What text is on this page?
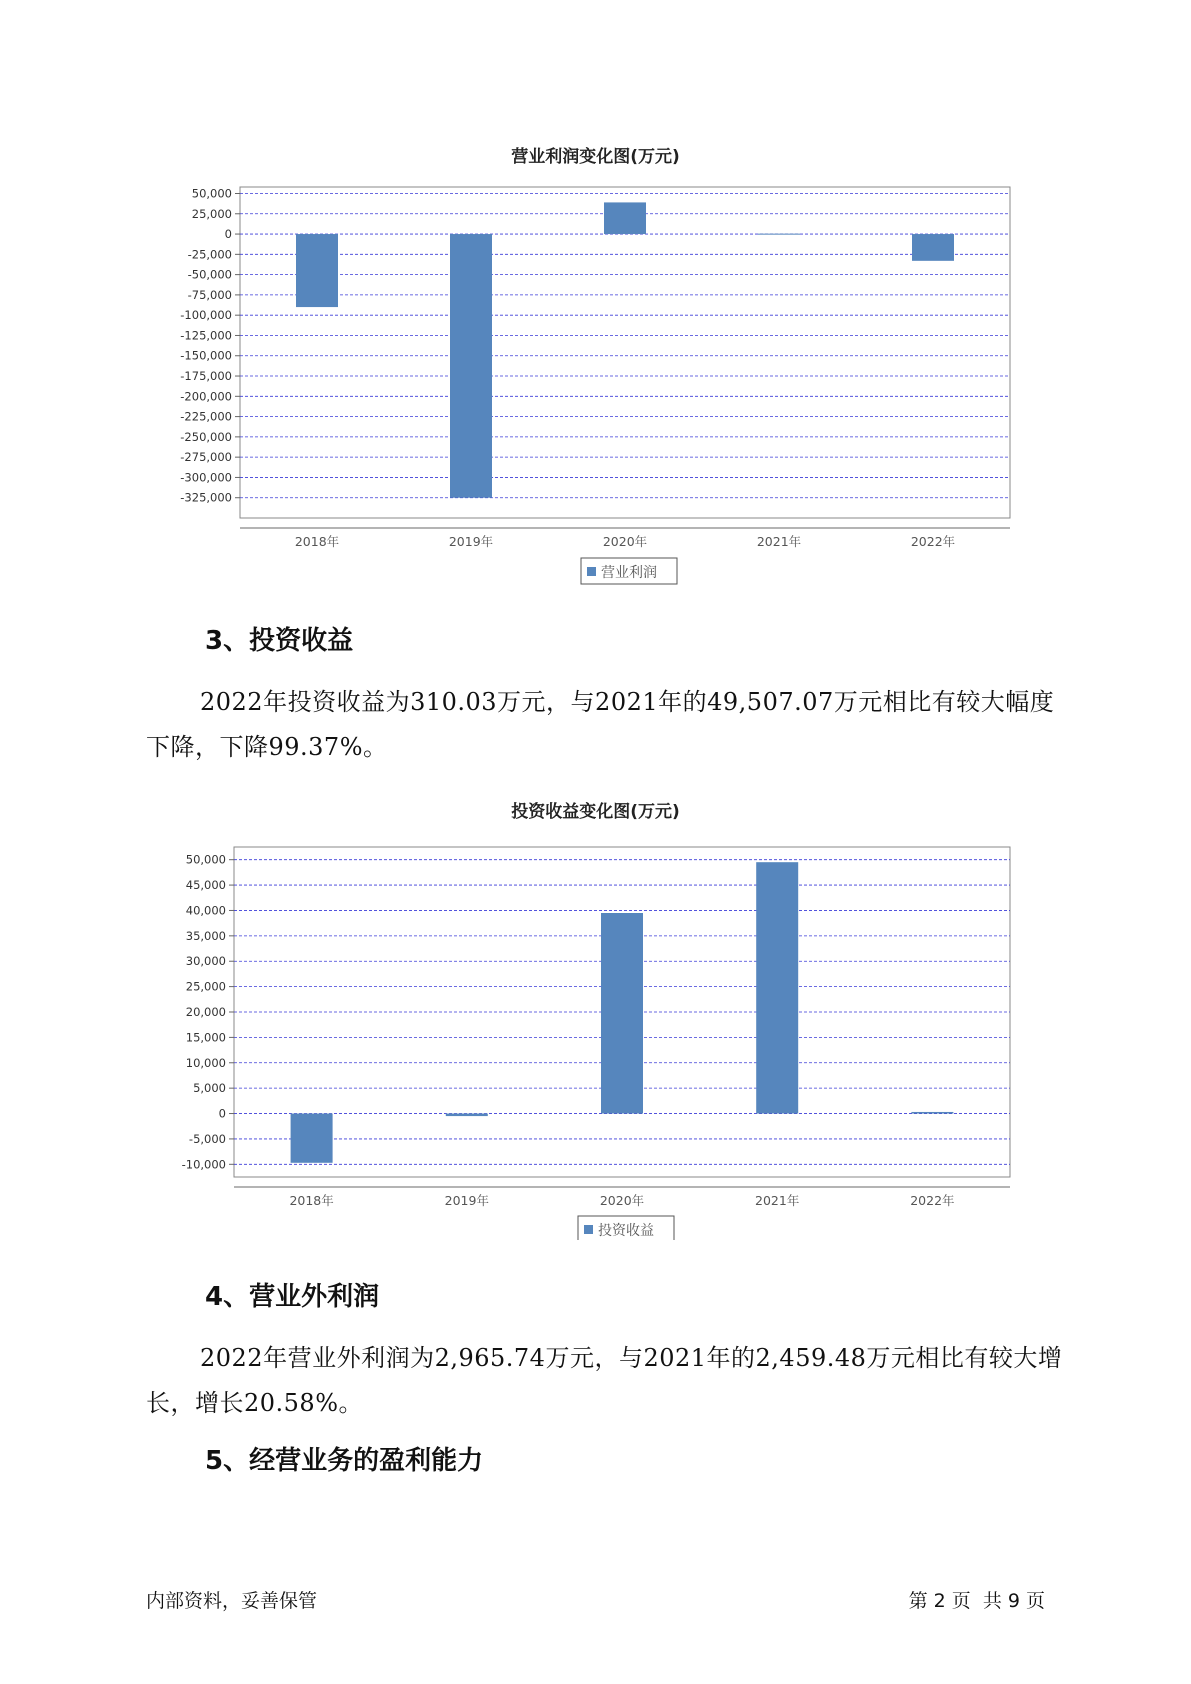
营业利润变化图(万元)
50,000
25,000
0
-25,000
-50,000
-75,000
-100,000
-125,000
-150,000
-175,000
-200,000
-225,000
-250,000
-275,000
-300,000
-325,000
2018年	2019年	2020年	2021年	2022年
营业利润
3、投资收益

2022年投资收益为310.03万元，与2021年的49,507.07万元相比有较大幅度下降，下降99.37%。

投资收益变化图(万元)
50,000
45,000
40,000
35,000
30,000
25,000
20,000
15,000
10,000
5,000
0
-5,000
-10,000
2018年	2019年	2020年	2021年	2022年
投资收益
4、营业外利润

2022年营业外利润为2,965.74万元，与2021年的2,459.48万元相比有较大增长，增长20.58%。

5、经营业务的盈利能力
内部资料，妥善保管	第 2 页  共 9 页
